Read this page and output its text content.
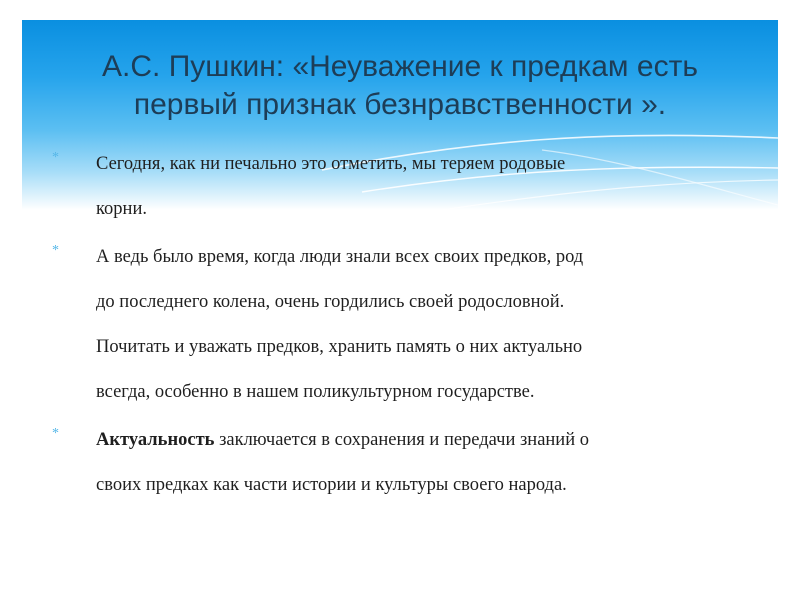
А.С. Пушкин: «Неуважение к предкам есть
первый признак безнравственности ».
* Сегодня, как ни печально это отметить, мы теряем родовые
корни.
* А ведь было время, когда люди знали всех своих предков, род
до последнего колена, очень гордились своей родословной.
Почитать и уважать предков, хранить память о них актуально
всегда, особенно в нашем поликультурном государстве.
* Актуальность заключается в сохранения и передачи знаний о
своих предках как части истории и культуры своего народа.
